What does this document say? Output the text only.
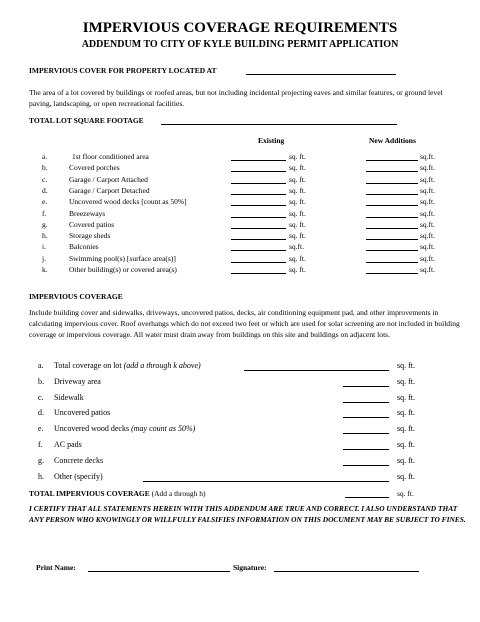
IMPERVIOUS COVERAGE REQUIREMENTS
ADDENDUM TO CITY OF KYLE BUILDING PERMIT APPLICATION
IMPERVIOUS COVER FOR PROPERTY LOCATED AT
The area of a lot covered by buildings or roofed areas, but not including incidental projecting eaves and similar features, or ground level paving, landscaping, or open recreational facilities.
TOTAL LOT SQUARE FOOTAGE
Existing	New Additions
a.	1st floor conditioned area	sq. ft.	sq.ft.
b.	Covered porches	sq. ft.	sq.ft.
c.	Garage / Carport Attached	sq. ft.	sq.ft.
d.	Garage / Carport Detached	sq. ft.	sq.ft.
e.	Uncovered wood decks [count as 50%]	sq. ft.	sq.ft.
f.	Breezeways	sq. ft.	sq.ft.
g.	Covered patios	sq. ft.	sq.ft.
h.	Storage sheds	sq. ft.	sq.ft.
i.	Balconies	sq.ft.	sq.ft.
j.	Swimming pool(s) [surface area(s)]	sq. ft.	sq.ft.
k.	Other building(s) or covered area(s)	sq. ft.	sq.ft.
IMPERVIOUS COVERAGE
Include building cover and sidewalks, driveways, uncovered patios, decks, air conditioning equipment pad, and other improvements in calculating impervious cover. Roof overhangs which do not exceed two feet or which are used for solar screening are not included in building coverage or impervious coverage. All water must drain away from buildings on this site and buildings on adjacent lots.
a. Total coverage on lot (add a through k above)	sq. ft.
b. Driveway area	sq. ft.
c. Sidewalk	sq. ft.
d. Uncovered patios	sq. ft.
e. Uncovered wood decks (may count as 50%)	sq. ft.
f. AC pads	sq. ft.
g. Concrete decks	sq. ft.
h. Other (specify)	sq. ft.
TOTAL IMPERVIOUS COVERAGE (Add a through h)	sq. ft.
I CERTIFY THAT ALL STATEMENTS HEREIN WITH THIS ADDENDUM ARE TRUE AND CORRECT. I ALSO UNDERSTAND THAT ANY PERSON WHO KNOWINGLY OR WILLFULLY FALSIFIES INFORMATION ON THIS DOCUMENT MAY BE SUBJECT TO FINES.
Print Name:	Signature:
